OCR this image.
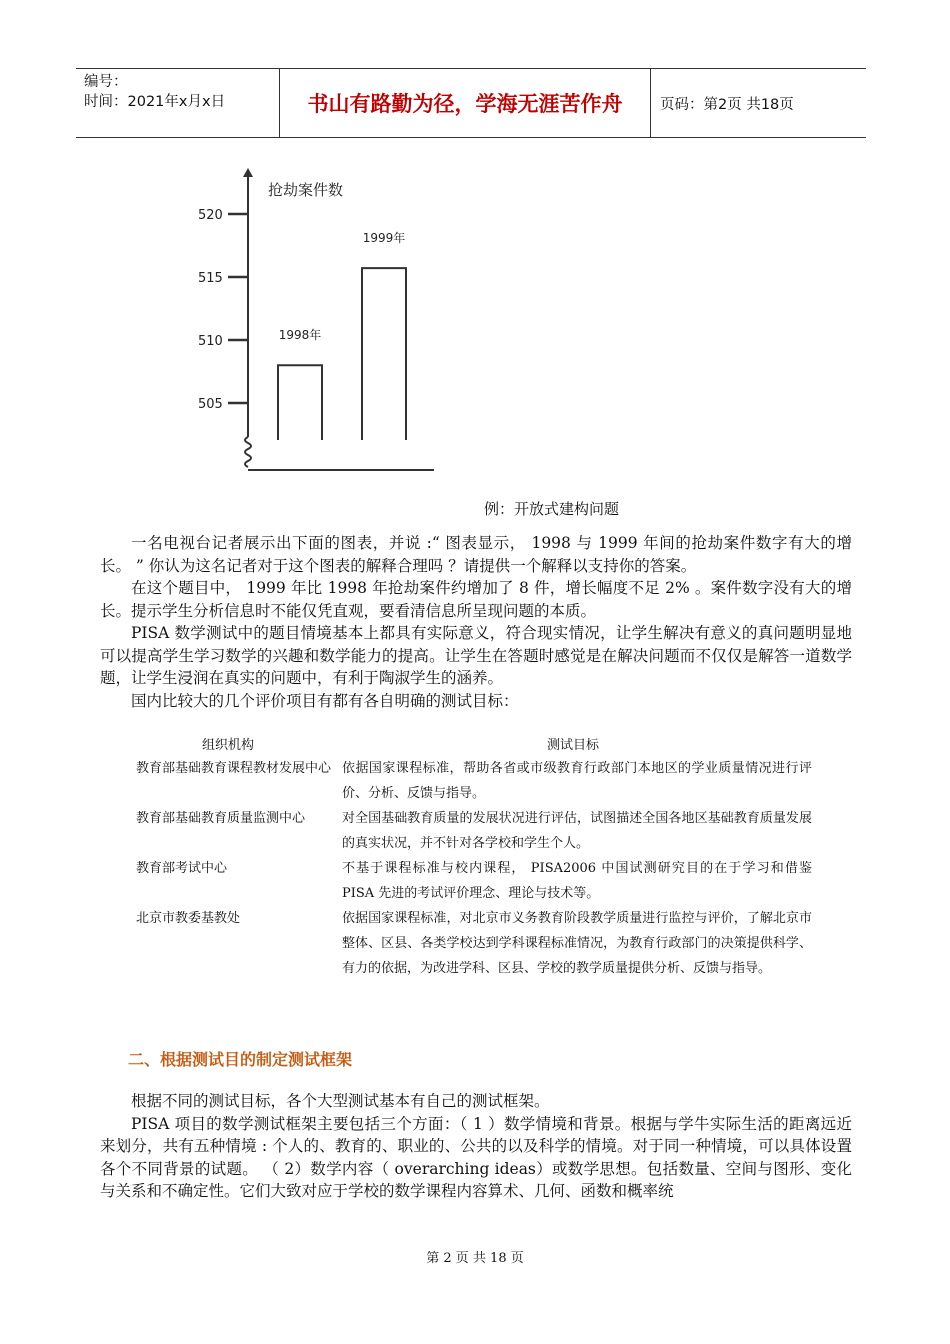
编号：
时间：2021年x月x日	书山有路勤为径，学海无涯苦作舟	页码：第2页 共18页
抢劫案件数
520
515
510
505
1998年
1999年
例：开放式建构问题

一名电视台记者展示出下面的图表，并说 :“ 图表显示， 1998 与 1999 年间的抢劫案件数字有大的增长。 ” 你认为这名记者对于这个图表的解释合理吗 ？请提供一个解释以支持你的答案。

在这个题目中， 1999 年比 1998 年抢劫案件约增加了 8 件，增长幅度不足 2% 。案件数字没有大的增长。提示学生分析信息时不能仅凭直观，要看清信息所呈现问题的本质。

PISA 数学测试中的题目情境基本上都具有实际意义，符合现实情况，让学生解决有意义的真问题明显地可以提高学生学习数学的兴趣和数学能力的提高。让学生在答题时感觉是在解决问题而不仅仅是解答一道数学题，让学生浸润在真实的问题中，有利于陶淑学生的涵养。

国内比较大的几个评价项目有都有各自明确的测试目标：

组织机构	测试目标
教育部基础教育课程教材发展中心 依据国家课程标准，帮助各省或市级教育行政部门本地区的学业质量情况进行评价、分析、反馈与指导。
教育部基础教育质量监测中心	对全国基础教育质量的发展状况进行评估，试图描述全国各地区基础教育质量发展的真实状况，并不针对各学校和学生个人。
教育部考试中心	不基于课程标准与校内课程， PISA2006 中国试测研究目的在于学习和借鉴 PISA 先进的考试评价理念、理论与技术等。
北京市教委基教处	依据国家课程标准，对北京市义务教育阶段教学质量进行监控与评价，了解北京市整体、区县、各类学校达到学科课程标准情况，为教育行政部门的决策提供科学、有力的依据，为改进学科、区县、学校的教学质量提供分析、反馈与指导。
二、根据测试目的制定测试框架

根据不同的测试目标，各个大型测试基本有自己的测试框架。

PISA 项目的数学测试框架主要包括三个方面：（ 1 ）数学情境和背景。根据与学牛实际生活的距离远近来划分，共有五种情境 : 个人的、教育的、职业的、公共的以及科学的情境。对于同一种情境，可以具体设置各个不同背景的试题。 （ 2）数学内容（ overarching ideas）或数学思想。包括数量、空间与图形、变化与关系和不确定性。它们大致对应于学校的数学课程内容算术、几何、函数和概率统

第 2 页 共 18 页
